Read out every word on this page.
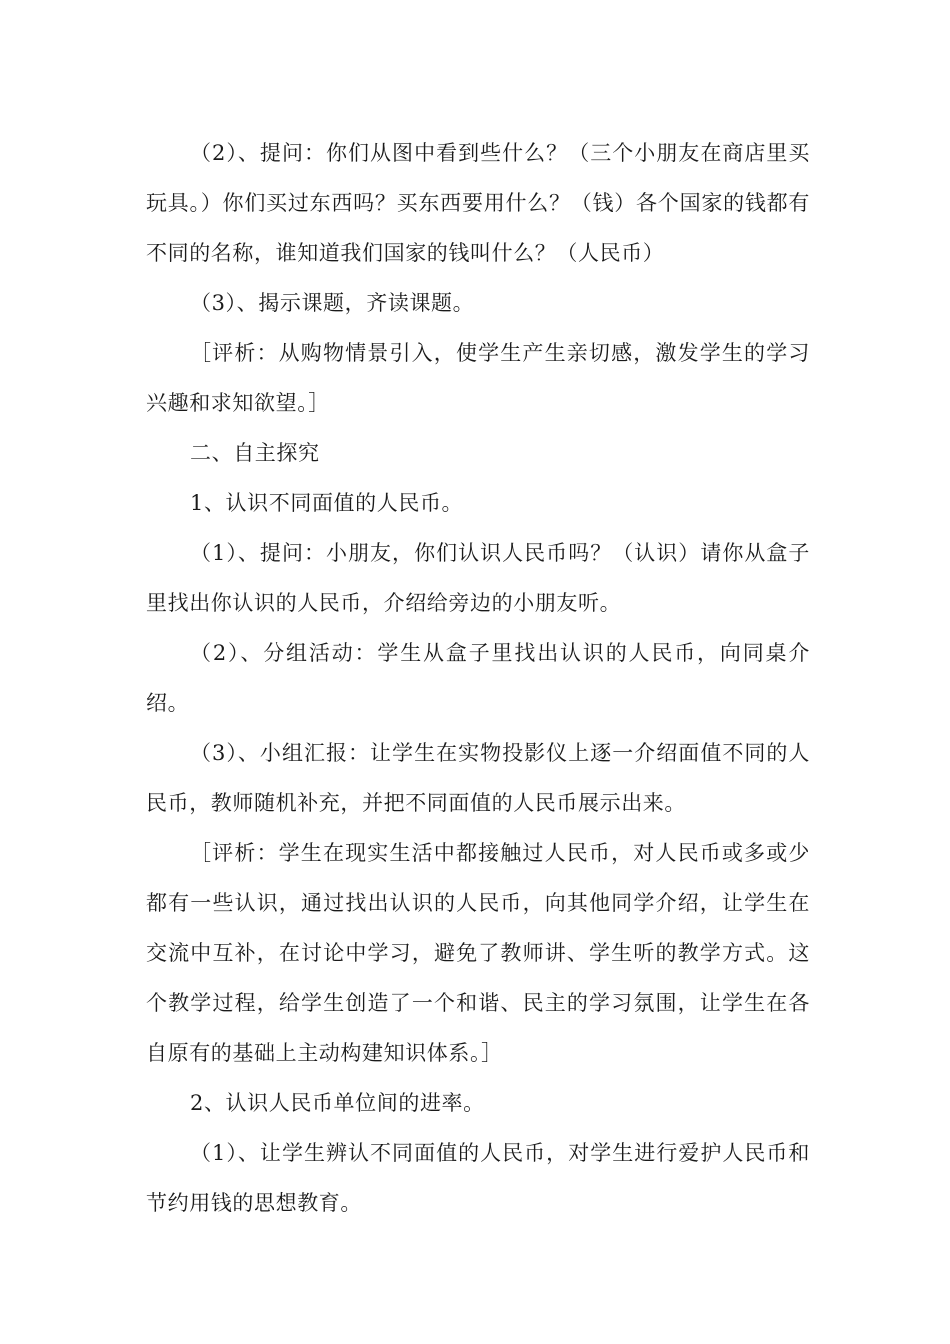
（2）、提问：你们从图中看到些什么？（三个小朋友在商店里买玩具。）你们买过东西吗？买东西要用什么？（钱）各个国家的钱都有不同的名称，谁知道我们国家的钱叫什么？（人民币）

（3）、揭示课题，齐读课题。

［评析：从购物情景引入，使学生产生亲切感，激发学生的学习兴趣和求知欲望。］

二、自主探究

1、认识不同面值的人民币。

（1）、提问：小朋友，你们认识人民币吗？（认识）请你从盒子里找出你认识的人民币，介绍给旁边的小朋友听。

（2）、分组活动：学生从盒子里找出认识的人民币，向同桌介绍。

（3）、小组汇报：让学生在实物投影仪上逐一介绍面值不同的人民币，教师随机补充，并把不同面值的人民币展示出来。

［评析：学生在现实生活中都接触过人民币，对人民币或多或少都有一些认识，通过找出认识的人民币，向其他同学介绍，让学生在交流中互补，在讨论中学习，避免了教师讲、学生听的教学方式。这个教学过程，给学生创造了一个和谐、民主的学习氛围，让学生在各自原有的基础上主动构建知识体系。］

2、认识人民币单位间的进率。

（1）、让学生辨认不同面值的人民币，对学生进行爱护人民币和节约用钱的思想教育。
